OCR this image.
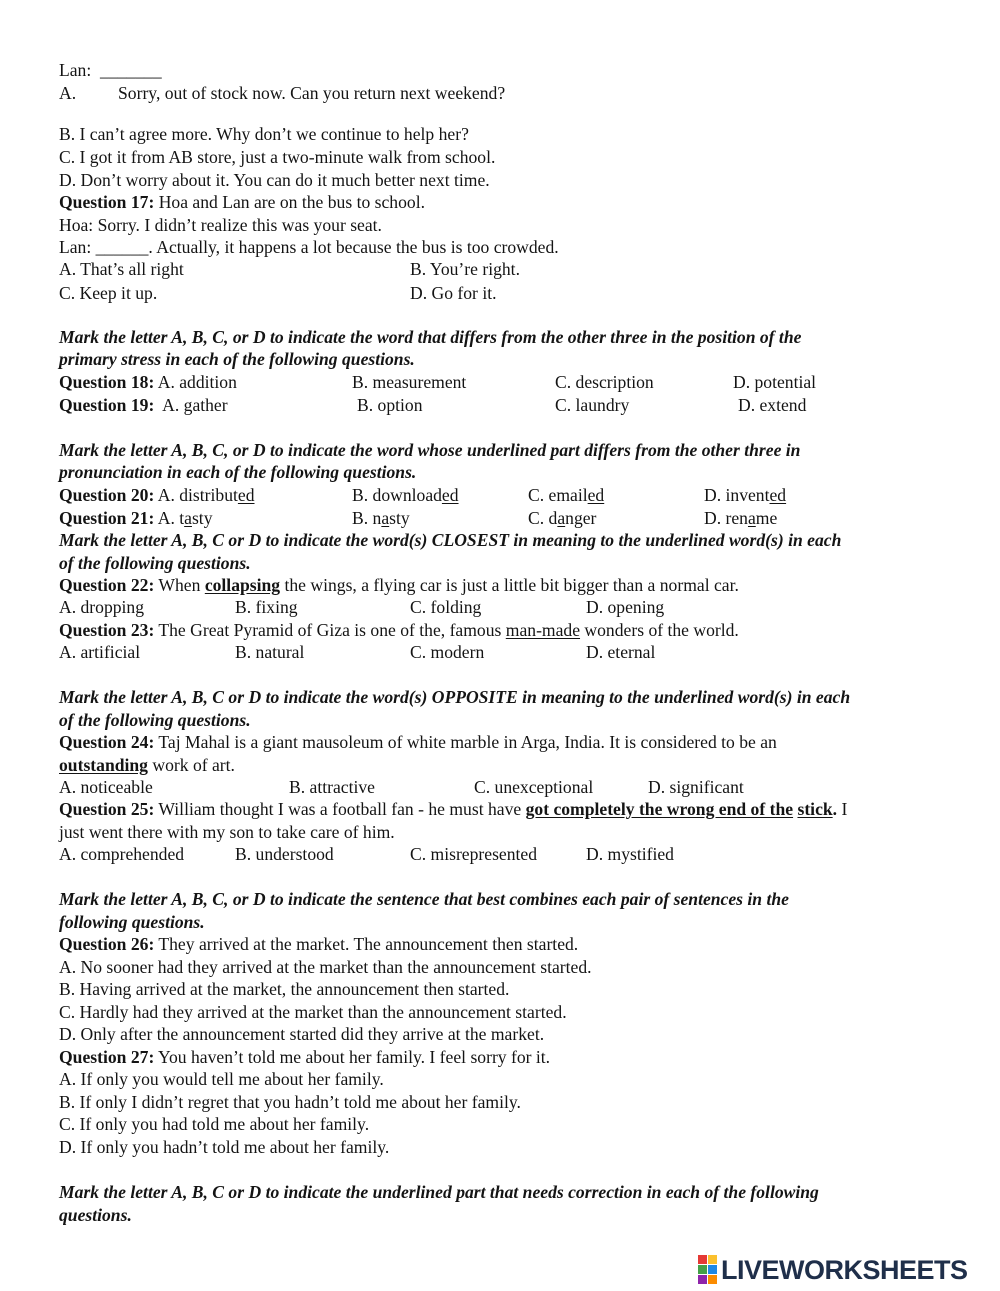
Lan:  _______
A. Sorry, out of stock now. Can you return next weekend?
B. I can’t agree more. Why don’t we continue to help her?
C. I got it from AB store, just a two-minute walk from school.
D. Don’t worry about it. You can do it much better next time.
Question 17: Hoa and Lan are on the bus to school.
Hoa: Sorry. I didn’t realize this was your seat.
Lan: ______. Actually, it happens a lot because the bus is too crowded.
A. That’s all right	B. You’re right.
C. Keep it up.	D. Go for it.
Mark the letter A, B, C, or D to indicate the word that differs from the other three in the position of the
primary stress in each of the following questions.
Question 18: A. addition	B. measurement	C. description	D. potential
Question 19:  A. gather	B. option	C. laundry	D. extend
Mark the letter A, B, C, or D to indicate the word whose underlined part differs from the other three in
pronunciation in each of the following questions.
Question 20: A. distributed	B. downloaded	C. emailed	D. invented
Question 21: A. tasty	B. nasty	C. danger	D. rename
Mark the letter A, B, C or D to indicate the word(s) CLOSEST in meaning to the underlined word(s) in each
of the following questions.
Question 22: When collapsing the wings, a flying car is just a little bit bigger than a normal car.
A. dropping	B. fixing	C. folding	D. opening
Question 23: The Great Pyramid of Giza is one of the, famous man-made wonders of the world.
A. artificial	B. natural	C. modern	D. eternal
Mark the letter A, B, C or D to indicate the word(s) OPPOSITE in meaning to the underlined word(s) in each
of the following questions.
Question 24: Taj Mahal is a giant mausoleum of white marble in Arga, India. It is considered to be an
outstanding work of art.
A. noticeable	B. attractive	C. unexceptional	D. significant
Question 25: William thought I was a football fan - he must have got completely the wrong end of the stick. I
just went there with my son to take care of him.
A. comprehended	B. understood	C. misrepresented	D. mystified
Mark the letter A, B, C, or D to indicate the sentence that best combines each pair of sentences in the
following questions.
Question 26: They arrived at the market. The announcement then started.
A. No sooner had they arrived at the market than the announcement started.
B. Having arrived at the market, the announcement then started.
C. Hardly had they arrived at the market than the announcement started.
D. Only after the announcement started did they arrive at the market.
Question 27: You haven’t told me about her family. I feel sorry for it.
A. If only you would tell me about her family.
B. If only I didn’t regret that you hadn’t told me about her family.
C. If only you had told me about her family.
D. If only you hadn’t told me about her family.
Mark the letter A, B, C or D to indicate the underlined part that needs correction in each of the following
questions.
LIVEWORKSHEETS
